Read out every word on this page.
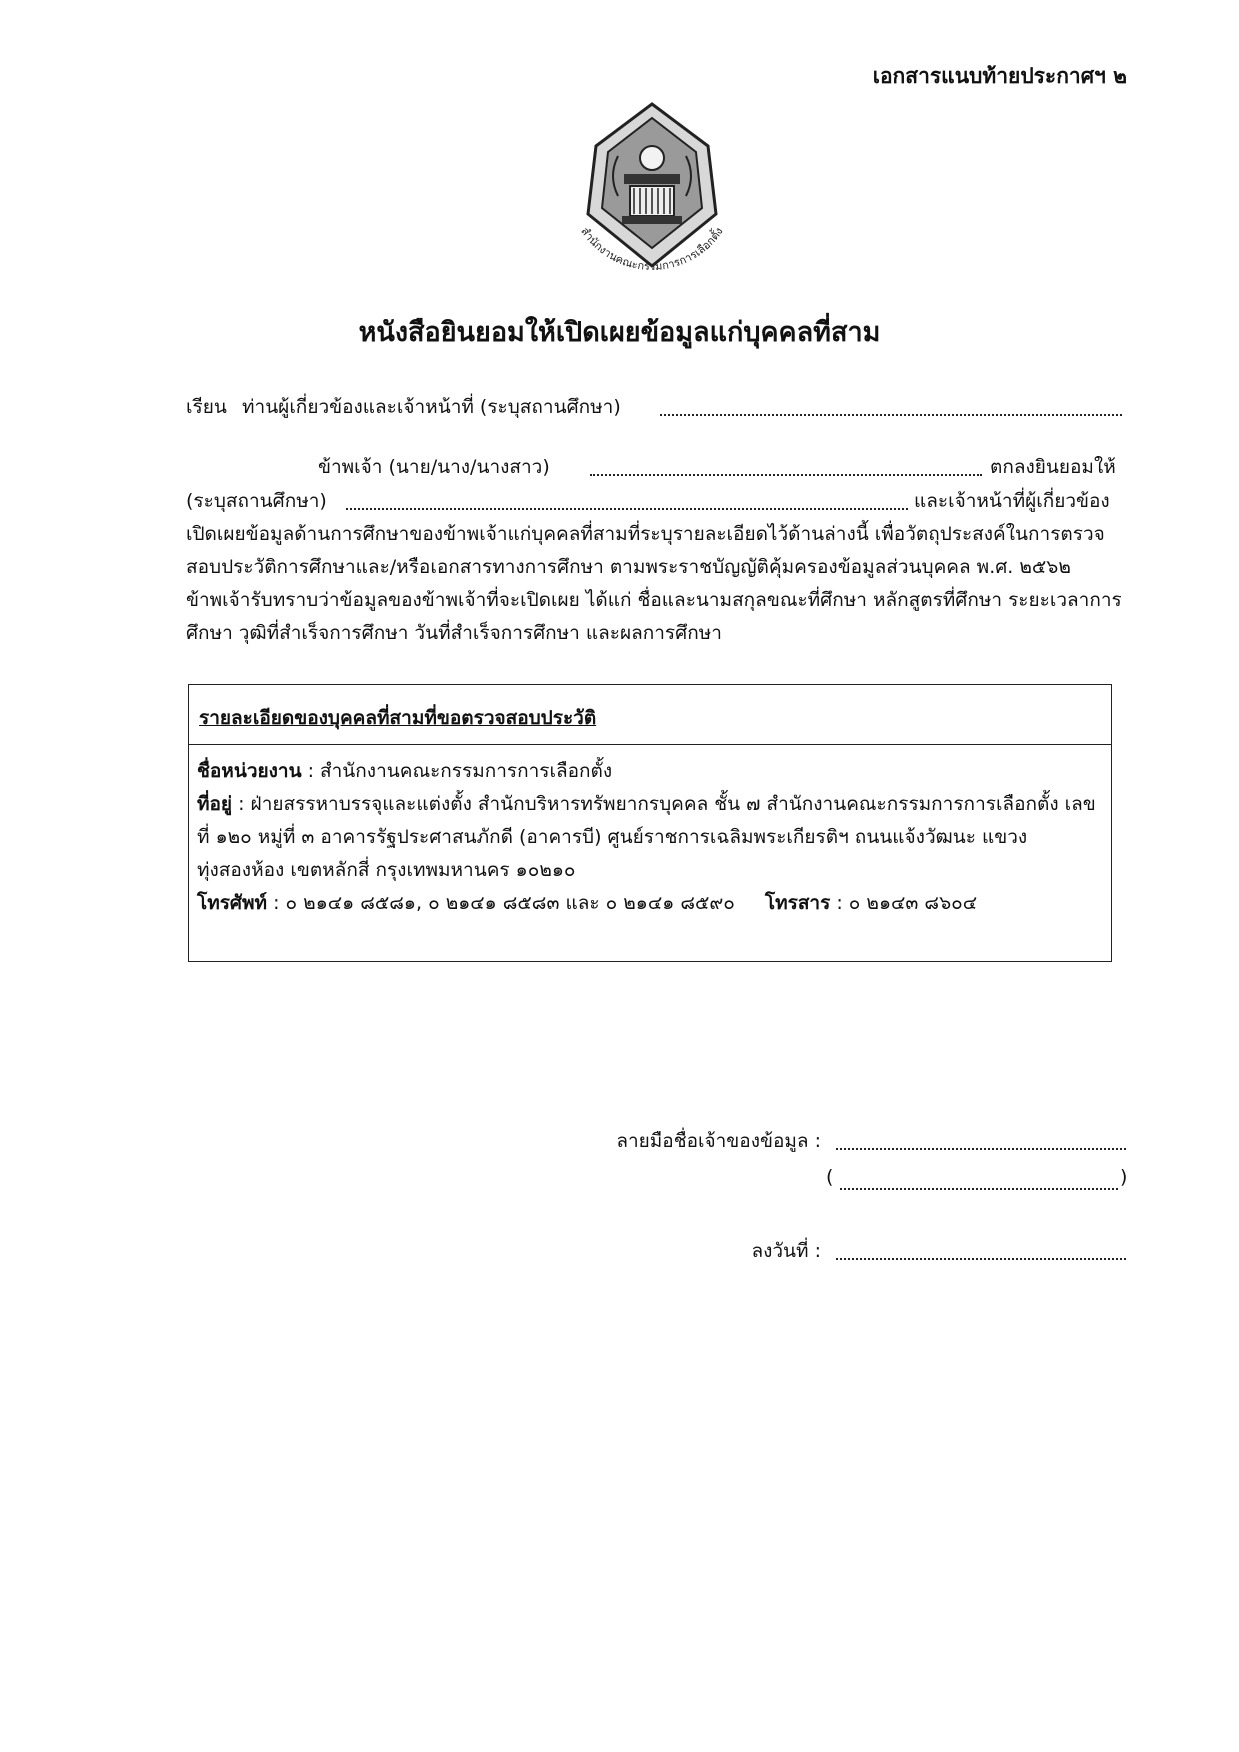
เอกสารแนบท้ายประกาศฯ ๒
สำนักงานคณะกรรมการการเลือกตั้ง
หนังสือยินยอมให้เปิดเผยข้อมูลแก่บุคคลที่สาม
เรียน ท่านผู้เกี่ยวข้องและเจ้าหน้าที่ (ระบุสถานศึกษา)
ข้าพเจ้า (นาย/นาง/นางสาว)	ตกลงยินยอมให้
(ระบุสถานศึกษา)	และเจ้าหน้าที่ผู้เกี่ยวข้อง
เปิดเผยข้อมูลด้านการศึกษาของข้าพเจ้าแก่บุคคลที่สามที่ระบุรายละเอียดไว้ด้านล่างนี้ เพื่อวัตถุประสงค์ในการตรวจสอบประวัติการศึกษาและ/หรือเอกสารทางการศึกษา ตามพระราชบัญญัติคุ้มครองข้อมูลส่วนบุคคล พ.ศ. ๒๕๖๒ ข้าพเจ้ารับทราบว่าข้อมูลของข้าพเจ้าที่จะเปิดเผย ได้แก่ ชื่อและนามสกุลขณะที่ศึกษา หลักสูตรที่ศึกษา ระยะเวลาการศึกษา วุฒิที่สำเร็จการศึกษา วันที่สำเร็จการศึกษา และผลการศึกษา
รายละเอียดของบุคคลที่สามที่ขอตรวจสอบประวัติ
ชื่อหน่วยงาน : สำนักงานคณะกรรมการการเลือกตั้ง
ที่อยู่ : ฝ่ายสรรหาบรรจุและแต่งตั้ง สำนักบริหารทรัพยากรบุคคล ชั้น ๗ สำนักงานคณะกรรมการการเลือกตั้ง เลขที่ ๑๒๐ หมู่ที่ ๓ อาคารรัฐประศาสนภักดี (อาคารบี) ศูนย์ราชการเฉลิมพระเกียรติฯ ถนนแจ้งวัฒนะ แขวงทุ่งสองห้อง เขตหลักสี่ กรุงเทพมหานคร ๑๐๒๑๐
โทรศัพท์ : ๐ ๒๑๔๑ ๘๕๘๑, ๐ ๒๑๔๑ ๘๕๘๓ และ ๐ ๒๑๔๑ ๘๕๙๐ โทรสาร : ๐ ๒๑๔๓ ๘๖๐๔
ลายมือชื่อเจ้าของข้อมูล :
(	)
ลงวันที่ :
